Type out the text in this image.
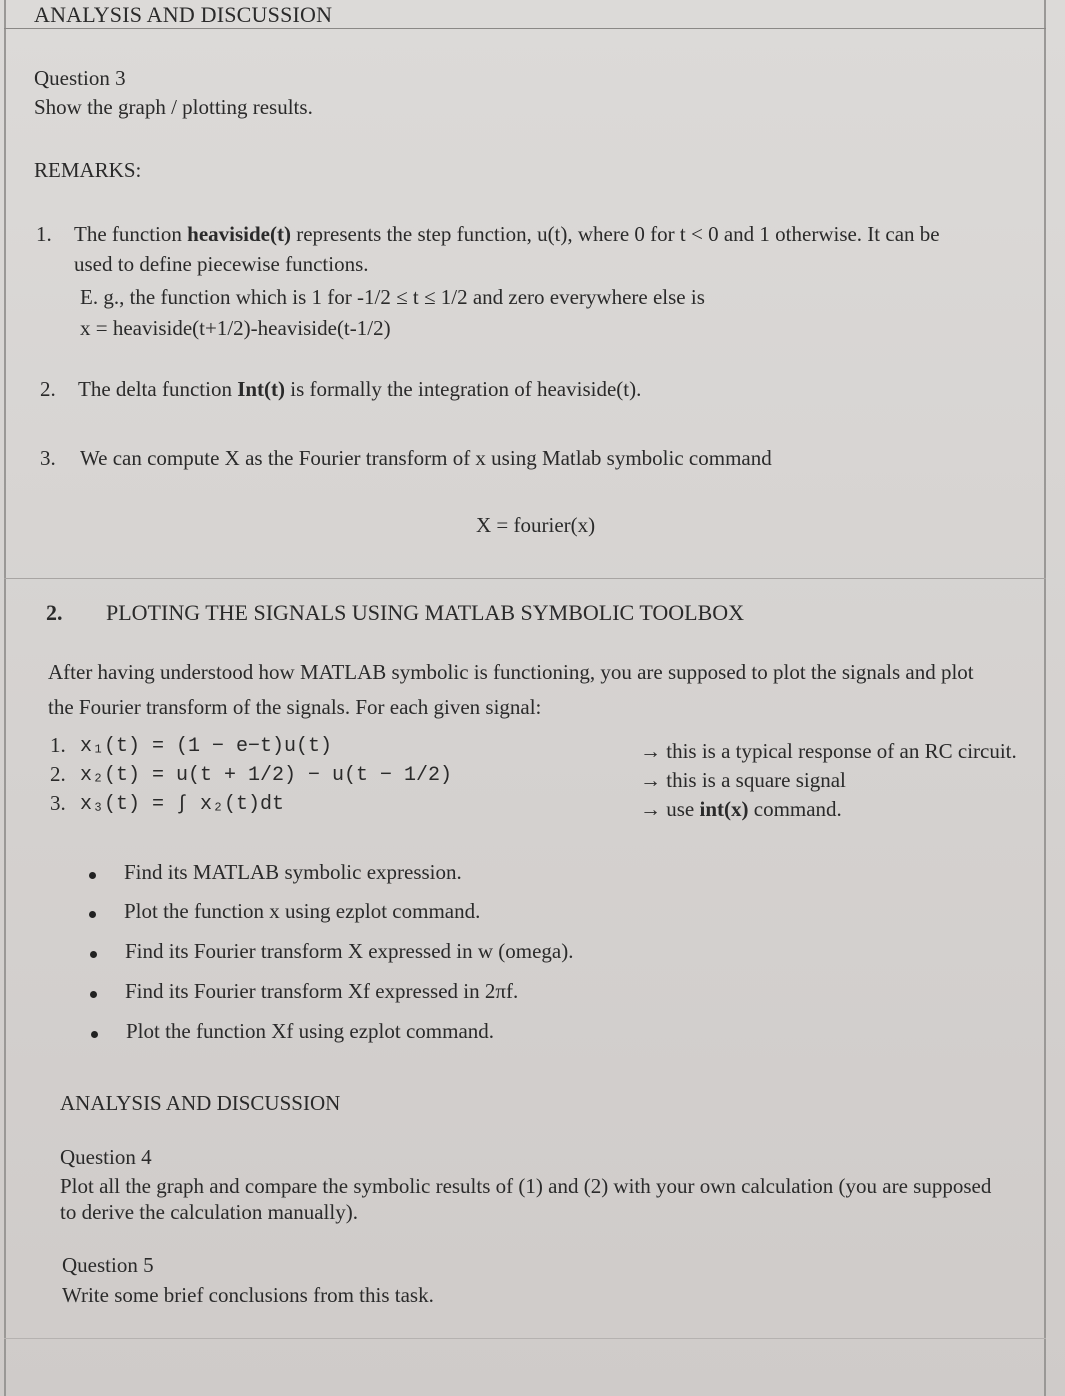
ANALYSIS AND DISCUSSION
Question 3
Show the graph / plotting results.
REMARKS:
1. The function heaviside(t) represents the step function, u(t), where 0 for t < 0 and 1 otherwise. It can be
used to define piecewise functions.
E. g., the function which is 1 for -1/2 ≤ t ≤ 1/2 and zero everywhere else is
x = heaviside(t+1/2)-heaviside(t-1/2)
2. The delta function Int(t) is formally the integration of heaviside(t).
3. We can compute X as the Fourier transform of x using Matlab symbolic command
X = fourier(x)
2. PLOTING THE SIGNALS USING MATLAB SYMBOLIC TOOLBOX
After having understood how MATLAB symbolic is functioning, you are supposed to plot the signals and plot
the Fourier transform of the signals. For each given signal:
1. x₁(t) = (1 − e−t)u(t)	→ this is a typical response of an RC circuit.
2. x₂(t) = u(t + 1/2) − u(t − 1/2)	→ this is a square signal
3. x₃(t) = ∫ x₂(t)dt	→ use int(x) command.
Find its MATLAB symbolic expression.
Plot the function x using ezplot command.
Find its Fourier transform X expressed in w (omega).
Find its Fourier transform Xf expressed in 2πf.
Plot the function Xf using ezplot command.
ANALYSIS AND DISCUSSION
Question 4
Plot all the graph and compare the symbolic results of (1) and (2) with your own calculation (you are supposed
to derive the calculation manually).
Question 5
Write some brief conclusions from this task.
